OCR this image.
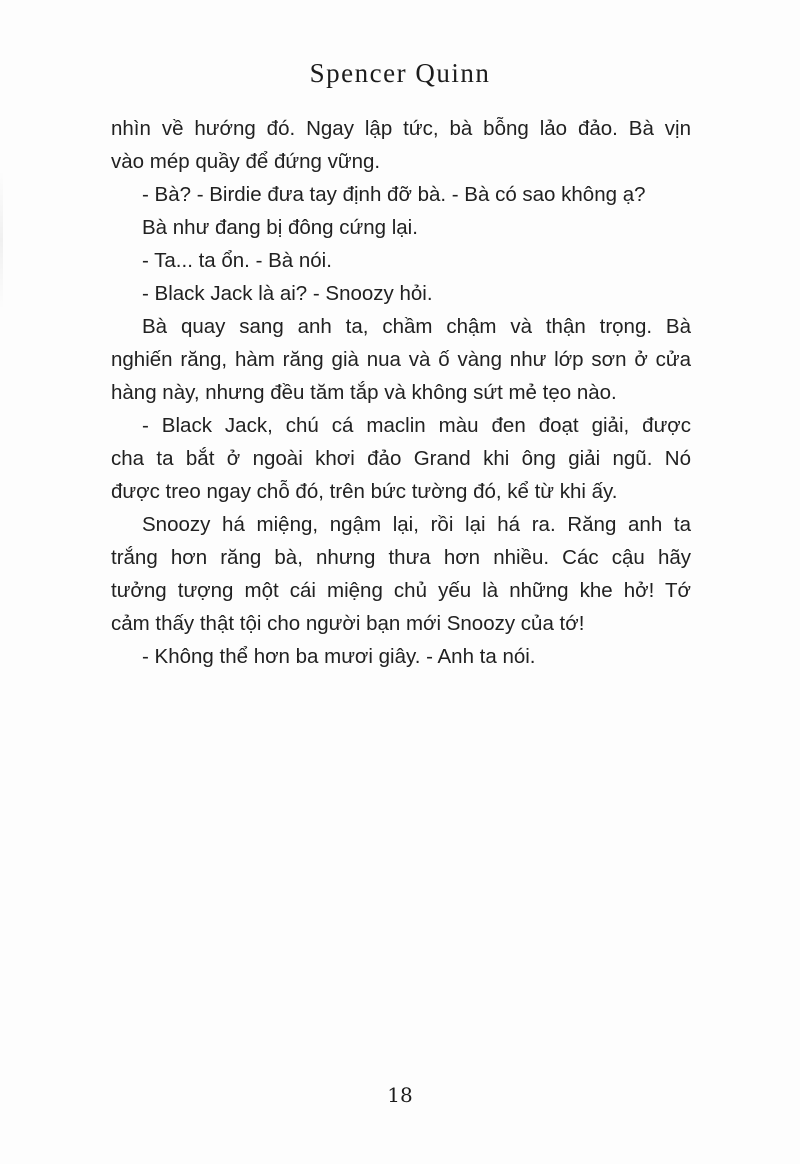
Spencer Quinn
nhìn về hướng đó. Ngay lập tức, bà bỗng lảo đảo. Bà vịn
vào mép quầy để đứng vững.
- Bà? - Birdie đưa tay định đỡ bà. - Bà có sao không ạ?
Bà như đang bị đông cứng lại.
- Ta... ta ổn. - Bà nói.
- Black Jack là ai? - Snoozy hỏi.
Bà quay sang anh ta, chầm chậm và thận trọng. Bà
nghiến răng, hàm răng già nua và ố vàng như lớp sơn ở cửa
hàng này, nhưng đều tăm tắp và không sứt mẻ tẹo nào.
- Black Jack, chú cá maclin màu đen đoạt giải, được
cha ta bắt ở ngoài khơi đảo Grand khi ông giải ngũ. Nó
được treo ngay chỗ đó, trên bức tường đó, kể từ khi ấy.
Snoozy há miệng, ngậm lại, rồi lại há ra. Răng anh ta
trắng hơn răng bà, nhưng thưa hơn nhiều. Các cậu hãy
tưởng tượng một cái miệng chủ yếu là những khe hở! Tớ
cảm thấy thật tội cho người bạn mới Snoozy của tớ!
- Không thể hơn ba mươi giây. - Anh ta nói.
18
